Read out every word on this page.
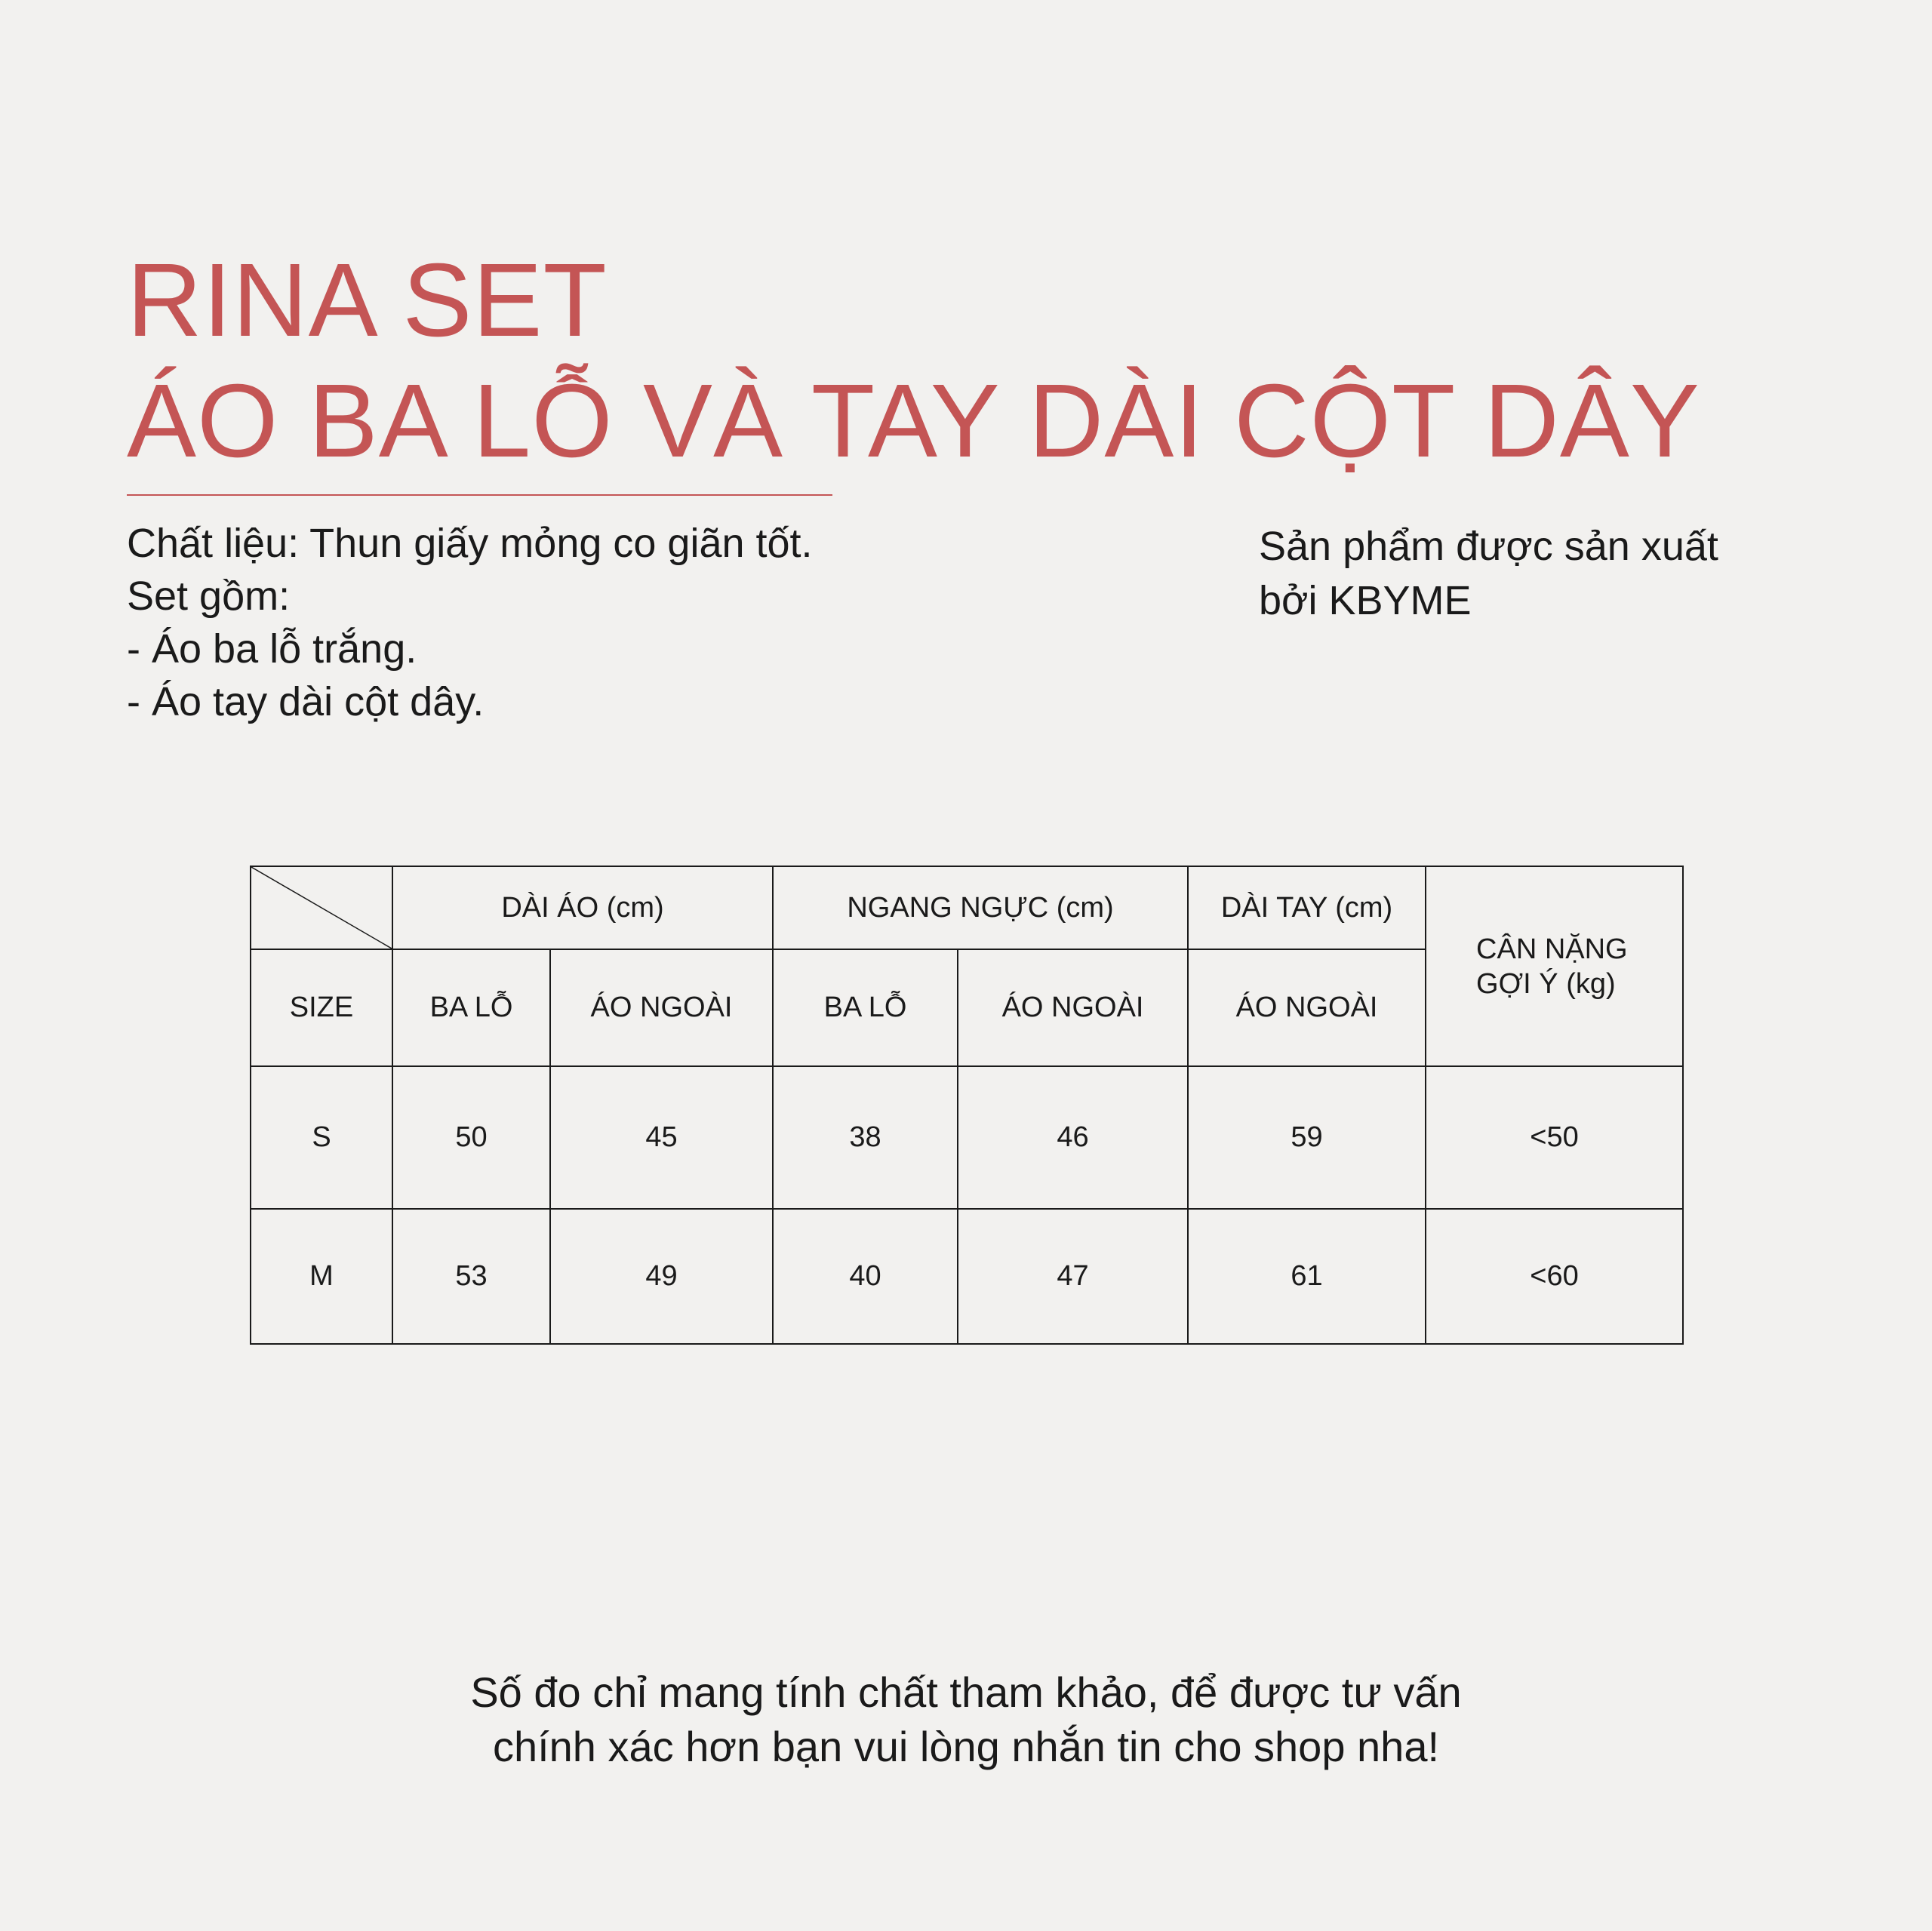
RINA SET
ÁO BA LỖ VÀ TAY DÀI CỘT DÂY
Chất liệu: Thun giấy mỏng co giãn tốt.
Set gồm:
- Áo ba lỗ trắng.
- Áo tay dài cột dây.
Sản phẩm được sản xuất
bởi KBYME
	DÀI ÁO (cm)		NGANG NGỰC (cm)		DÀI TAY (cm)	CÂN NẶNG
GỢI Ý (kg)

SIZE	BA LỖ	ÁO NGOÀI	BA LỖ	ÁO NGOÀI	ÁO NGOÀI	
S	50	45	38	46	59	<50
M	53	49	40	47	61	<60
Số đo chỉ mang tính chất tham khảo, để được tư vấn
chính xác hơn bạn vui lòng nhắn tin cho shop nha!
